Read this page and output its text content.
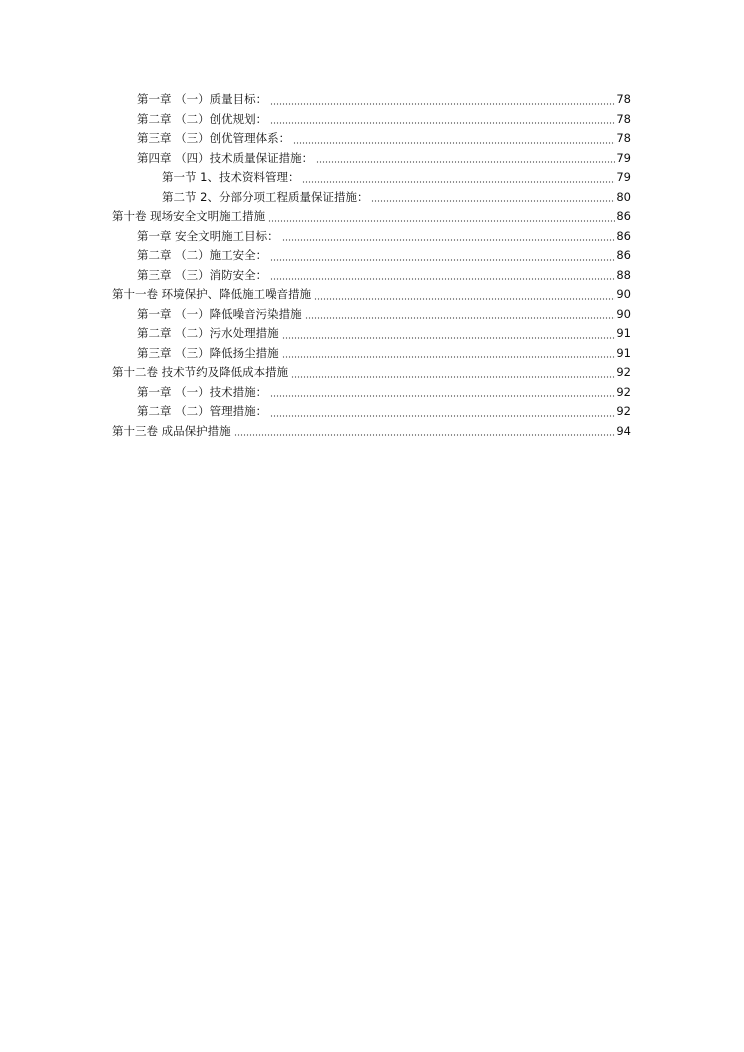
第一章 （一）质量目标：	78
第二章 （二）创优规划：	78
第三章 （三）创优管理体系：	78
第四章 （四）技术质量保证措施：	79
第一节 1、技术资料管理：	79
第二节 2、分部分项工程质量保证措施：	80
第十卷 现场安全文明施工措施	86
第一章 安全文明施工目标：	86
第二章 （二）施工安全：	86
第三章 （三）消防安全：	88
第十一卷 环境保护、降低施工噪音措施	90
第一章 （一）降低噪音污染措施	90
第二章 （二）污水处理措施	91
第三章 （三）降低扬尘措施	91
第十二卷 技术节约及降低成本措施	92
第一章 （一）技术措施：	92
第二章 （二）管理措施：	92
第十三卷 成品保护措施	94
